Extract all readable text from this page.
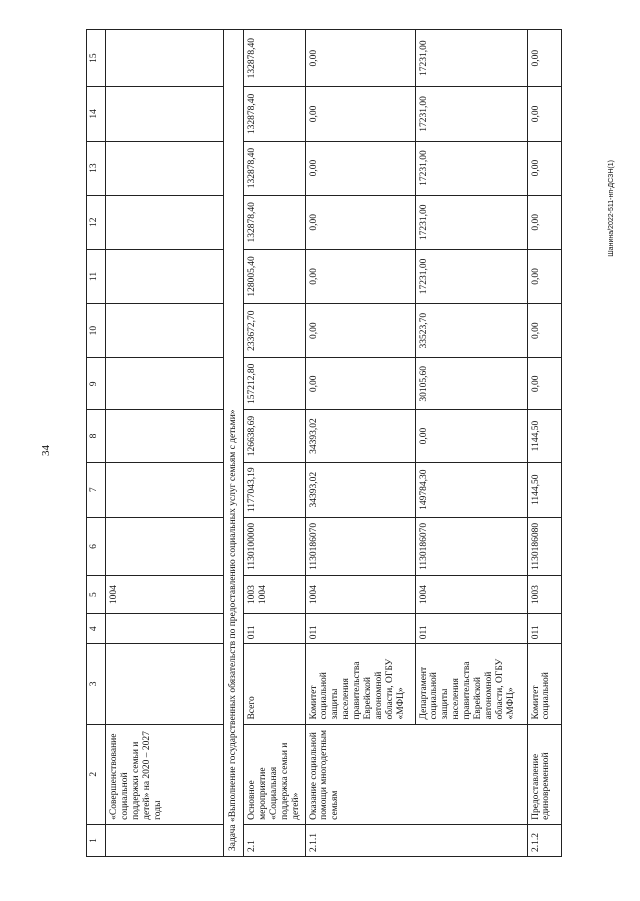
34
Шанина/2022-511-нп-ДСЗН(1)
1	2	3	4	5	6	7	8	9	10	11	12	13	14	15
	«Совершенствование социальной поддержки семьи и детей» на 2020 – 2027 годы			1004										
Задача «Выполнение государственных обязательств по предоставлению социальных услуг семьям с детьми»														
2.1	Основное мероприятие «Социальная поддержка семьи и детей»	Всего	011	1003 1004	1130100000	1177043,19	126638,69	157212,80	233672,70	128005,40	132878,40	132878,40	132878,40	132878,40
2.1.1	Оказание социальной помощи многодетным семьям	Комитет социальной защиты населения правительства Еврейской автономной области, ОГБУ «МФЦ»	011	1004	1130186070	34393,02	34393,02	0,00	0,00	0,00	0,00	0,00	0,00	0,00
		Департамент социальной защиты населения правительства Еврейской автономной области, ОГБУ «МФЦ»	011	1004	1130186070	149784,30	0,00	30105,60	33523,70	17231,00	17231,00	17231,00	17231,00	17231,00
2.1.2	Предоставление единовременной	Комитет социальной	011	1003	1130186080	1144,50	1144,50	0,00	0,00	0,00	0,00	0,00	0,00	0,00
